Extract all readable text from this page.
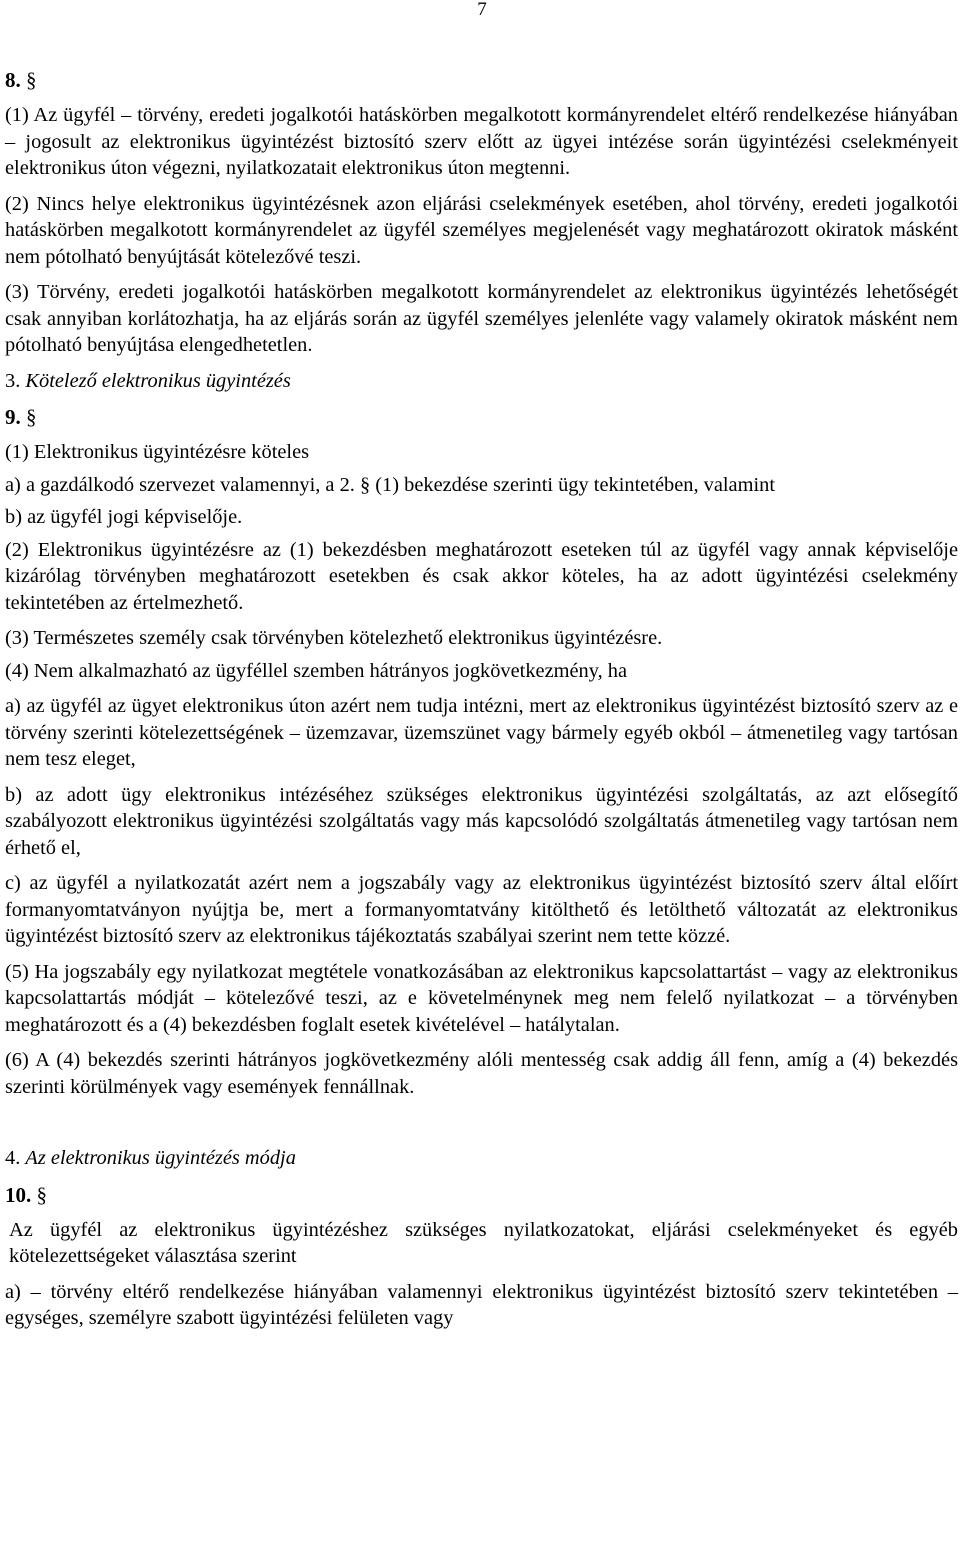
7
8. §

(1) Az ügyfél – törvény, eredeti jogalkotói hatáskörben megalkotott kormányrendelet eltérő rendelkezése hiányában – jogosult az elektronikus ügyintézést biztosító szerv előtt az ügyei intézése során ügyintézési cselekményeit elektronikus úton végezni, nyilatkozatait elektronikus úton megtenni.

(2) Nincs helye elektronikus ügyintézésnek azon eljárási cselekmények esetében, ahol törvény, eredeti jogalkotói hatáskörben megalkotott kormányrendelet az ügyfél személyes megjelenését vagy meghatározott okiratok másként nem pótolható benyújtását kötelezővé teszi.

(3) Törvény, eredeti jogalkotói hatáskörben megalkotott kormányrendelet az elektronikus ügyintézés lehetőségét csak annyiban korlátozhatja, ha az eljárás során az ügyfél személyes jelenléte vagy valamely okiratok másként nem pótolható benyújtása elengedhetetlen.

3. Kötelező elektronikus ügyintézés
9. §

(1) Elektronikus ügyintézésre köteles

a) a gazdálkodó szervezet valamennyi, a 2. § (1) bekezdése szerinti ügy tekintetében, valamint

b) az ügyfél jogi képviselője.

(2) Elektronikus ügyintézésre az (1) bekezdésben meghatározott eseteken túl az ügyfél vagy annak képviselője kizárólag törvényben meghatározott esetekben és csak akkor köteles, ha az adott ügyintézési cselekmény tekintetében az értelmezhető.

(3) Természetes személy csak törvényben kötelezhető elektronikus ügyintézésre.

(4) Nem alkalmazható az ügyféllel szemben hátrányos jogkövetkezmény, ha

a) az ügyfél az ügyet elektronikus úton azért nem tudja intézni, mert az elektronikus ügyintézést biztosító szerv az e törvény szerinti kötelezettségének – üzemzavar, üzemszünet vagy bármely egyéb okból – átmenetileg vagy tartósan nem tesz eleget,

b) az adott ügy elektronikus intézéséhez szükséges elektronikus ügyintézési szolgáltatás, az azt elősegítő szabályozott elektronikus ügyintézési szolgáltatás vagy más kapcsolódó szolgáltatás átmenetileg vagy tartósan nem érhető el,

c) az ügyfél a nyilatkozatát azért nem a jogszabály vagy az elektronikus ügyintézést biztosító szerv által előírt formanyomtatványon nyújtja be, mert a formanyomtatvány kitölthető és letölthető változatát az elektronikus ügyintézést biztosító szerv az elektronikus tájékoztatás szabályai szerint nem tette közzé.

(5) Ha jogszabály egy nyilatkozat megtétele vonatkozásában az elektronikus kapcsolattartást – vagy az elektronikus kapcsolattartás módját – kötelezővé teszi, az e követelménynek meg nem felelő nyilatkozat – a törvényben meghatározott és a (4) bekezdésben foglalt esetek kivételével – hatálytalan.

(6) A (4) bekezdés szerinti hátrányos jogkövetkezmény alóli mentesség csak addig áll fenn, amíg a (4) bekezdés szerinti körülmények vagy események fennállnak.

4. Az elektronikus ügyintézés módja
10. §

Az ügyfél az elektronikus ügyintézéshez szükséges nyilatkozatokat, eljárási cselekményeket és egyéb kötelezettségeket választása szerint

a) – törvény eltérő rendelkezése hiányában valamennyi elektronikus ügyintézést biztosító szerv tekintetében – egységes, személyre szabott ügyintézési felületen vagy
